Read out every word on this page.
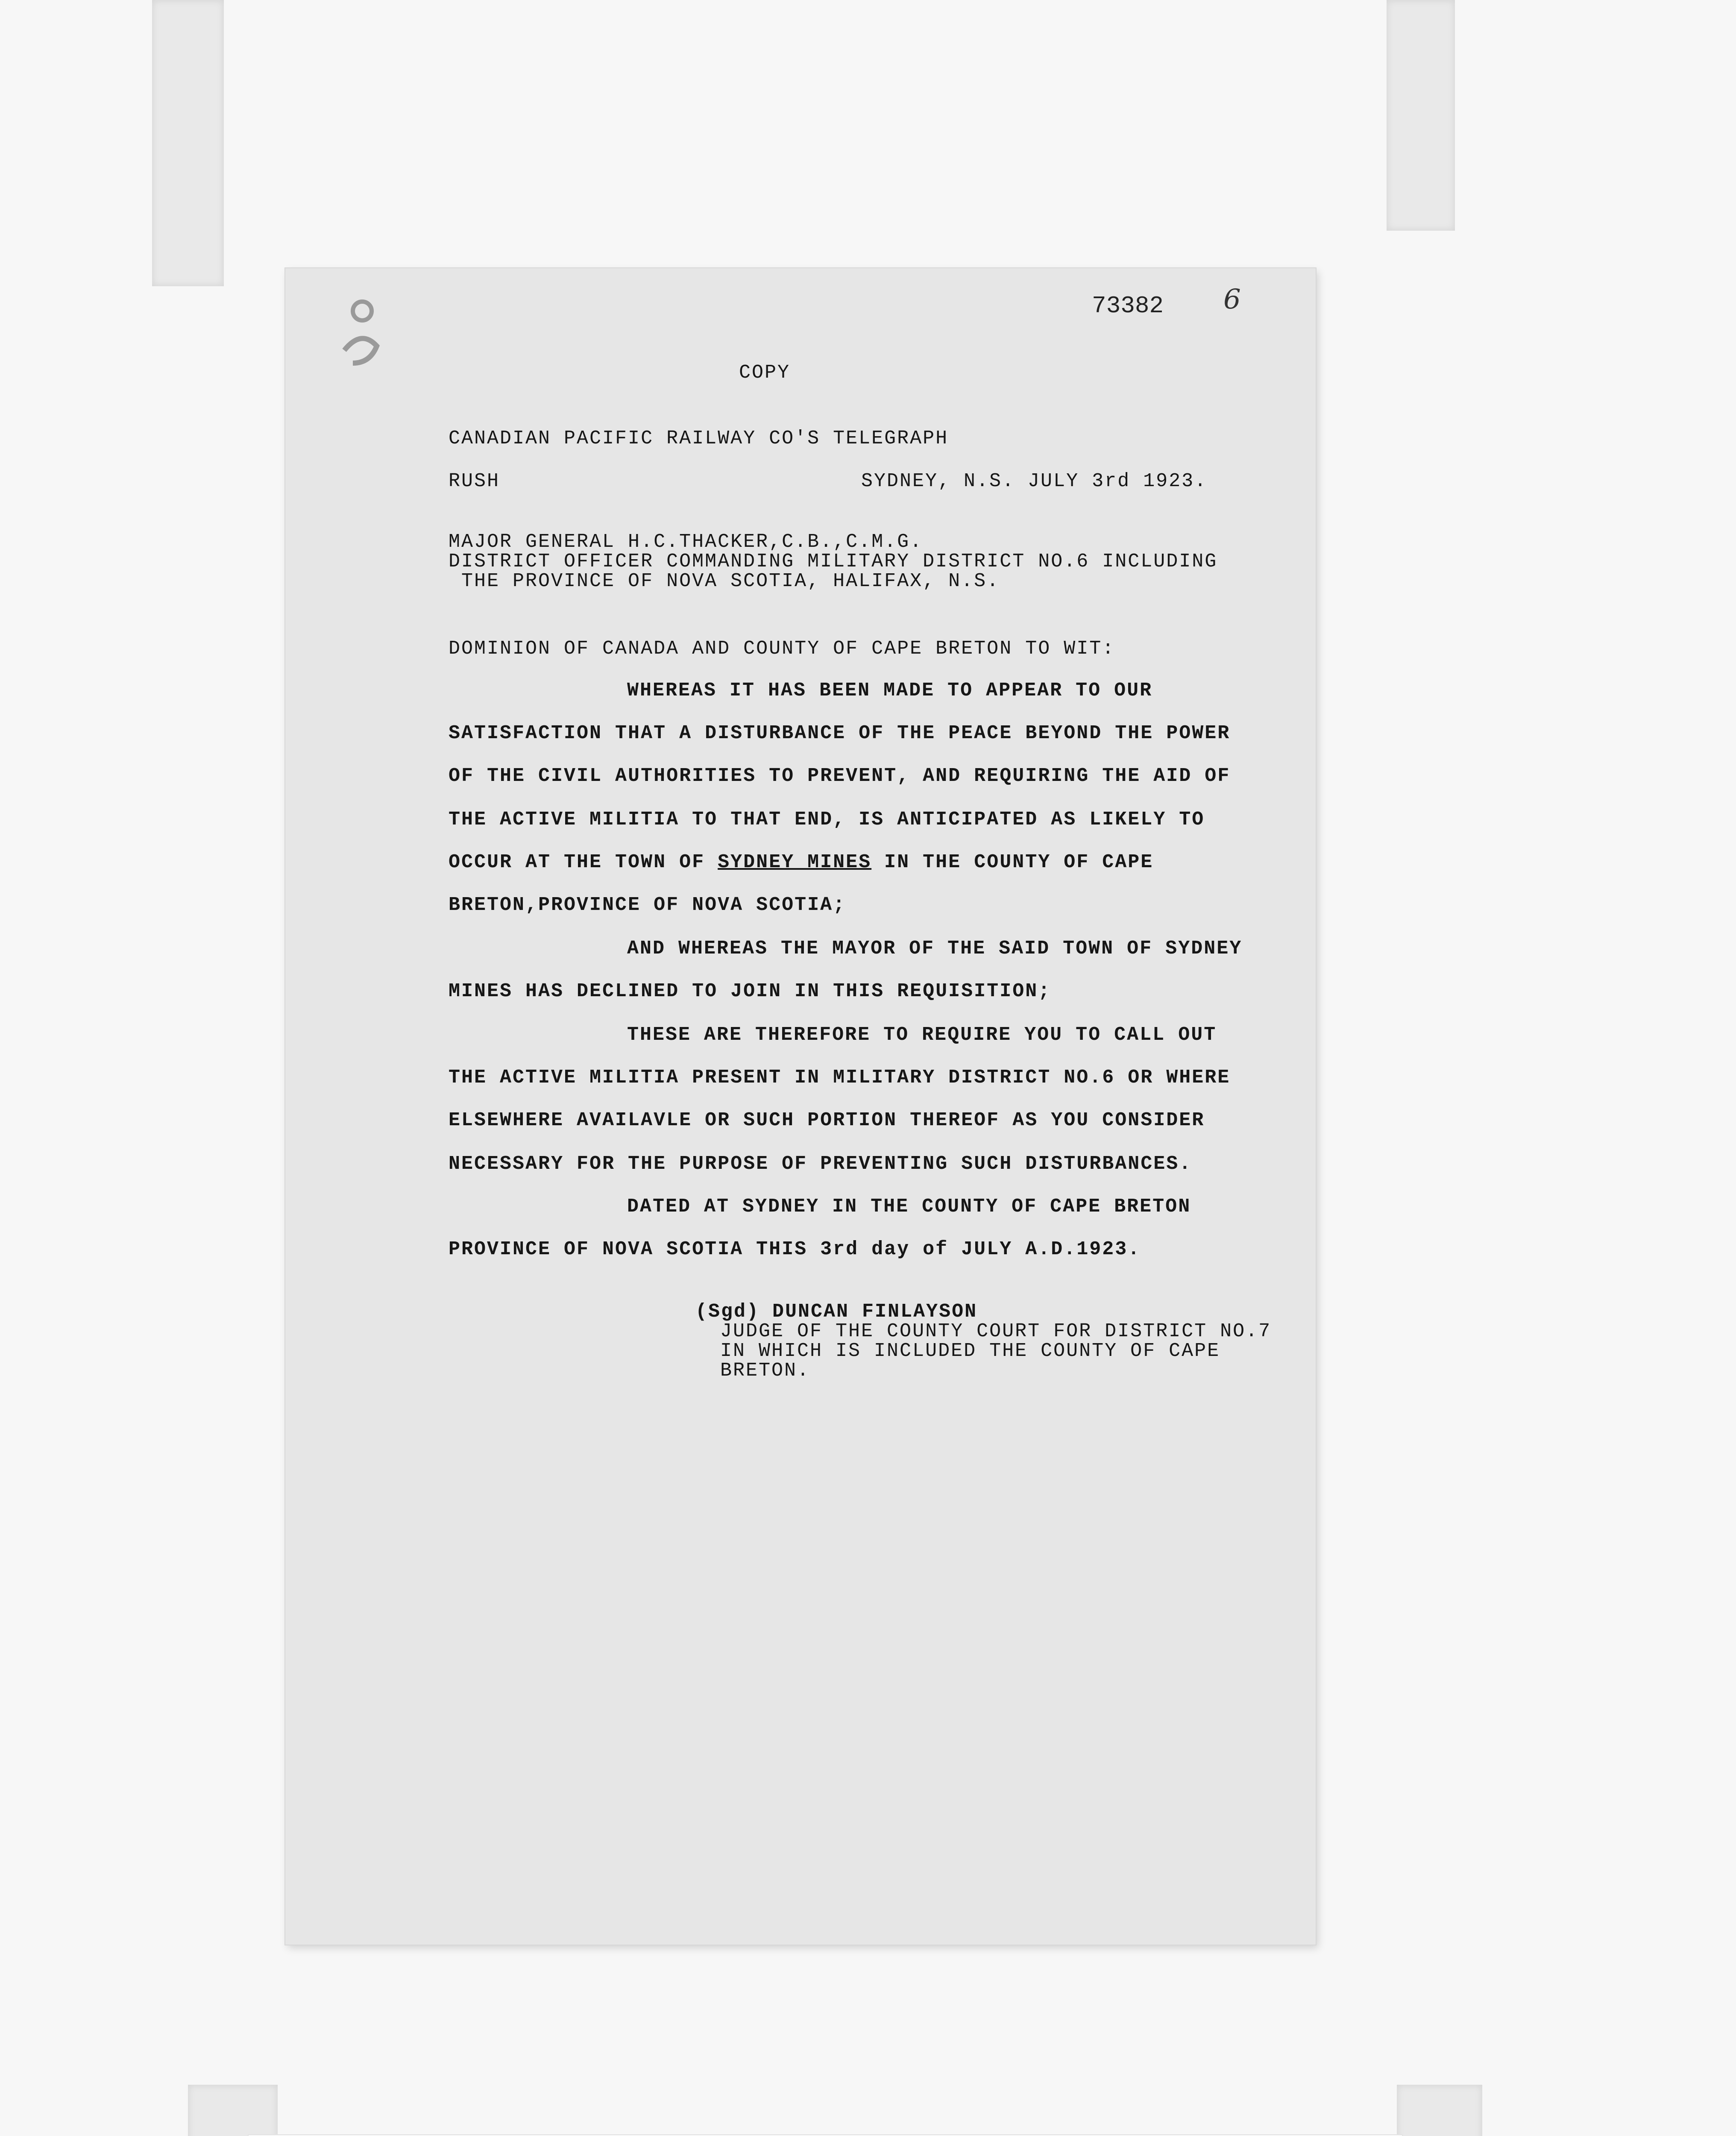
73382 6
COPY
CANADIAN PACIFIC RAILWAY CO'S TELEGRAPH
RUSH	SYDNEY, N.S. JULY 3rd 1923.
MAJOR GENERAL H.C.THACKER,C.B.,C.M.G.
DISTRICT OFFICER COMMANDING MILITARY DISTRICT NO.6 INCLUDING
THE PROVINCE OF NOVA SCOTIA, HALIFAX, N.S.
DOMINION OF CANADA AND COUNTY OF CAPE BRETON TO WIT:
WHEREAS IT HAS BEEN MADE TO APPEAR TO OUR
SATISFACTION THAT A DISTURBANCE OF THE PEACE BEYOND THE POWER
OF THE CIVIL AUTHORITIES TO PREVENT, AND REQUIRING THE AID OF
THE ACTIVE MILITIA TO THAT END, IS ANTICIPATED AS LIKELY TO
OCCUR AT THE TOWN OF SYDNEY MINES IN THE COUNTY OF CAPE
BRETON,PROVINCE OF NOVA SCOTIA;
AND WHEREAS THE MAYOR OF THE SAID TOWN OF SYDNEY
MINES HAS DECLINED TO JOIN IN THIS REQUISITION;
THESE ARE THEREFORE TO REQUIRE YOU TO CALL OUT
THE ACTIVE MILITIA PRESENT IN MILITARY DISTRICT NO.6 OR WHERE
ELSEWHERE AVAILAVLE OR SUCH PORTION THEREOF AS YOU CONSIDER
NECESSARY FOR THE PURPOSE OF PREVENTING SUCH DISTURBANCES.
DATED AT SYDNEY IN THE COUNTY OF CAPE BRETON
PROVINCE OF NOVA SCOTIA THIS 3rd day of JULY A.D.1923.
(Sgd) DUNCAN FINLAYSON
JUDGE OF THE COUNTY COURT FOR DISTRICT NO.7
IN WHICH IS INCLUDED THE COUNTY OF CAPE
BRETON.
